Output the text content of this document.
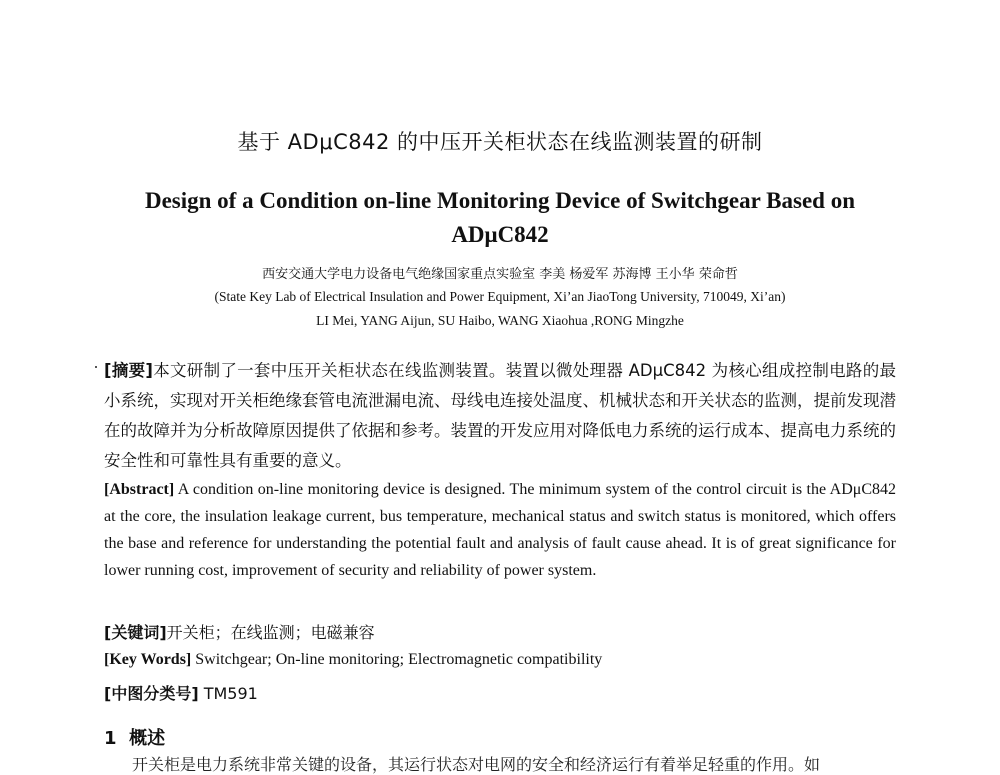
基于 ADμC842 的中压开关柜状态在线监测装置的研制
Design of a Condition on-line Monitoring Device of Switchgear Based on ADμC842
西安交通大学电力设备电气绝缘国家重点实验室 李美 杨爱军 苏海博 王小华 荣命哲
(State Key Lab of Electrical Insulation and Power Equipment, Xi’an JiaoTong University, 710049, Xi’an)
LI Mei, YANG Aijun, SU Haibo, WANG Xiaohua ,RONG Mingzhe
[摘要]本文研制了一套中压开关柜状态在线监测装置。装置以微处理器 ADμC842 为核心组成控制电路的最小系统，实现对开关柜绝缘套管电流泄漏电流、母线电连接处温度、机械状态和开关状态的监测，提前发现潜在的故障并为分析故障原因提供了依据和参考。装置的开发应用对降低电力系统的运行成本、提高电力系统的安全性和可靠性具有重要的意义。
[Abstract] A condition on-line monitoring device is designed. The minimum system of the control circuit is the ADμC842 at the core, the insulation leakage current, bus temperature, mechanical status and switch status is monitored, which offers the base and reference for understanding the potential fault and analysis of fault cause ahead. It is of great significance for lower running cost, improvement of security and reliability of power system.
[关键词]开关柜；在线监测；电磁兼容
[Key Words] Switchgear; On-line monitoring; Electromagnetic compatibility
[中图分类号] TM591
1 概述
开关柜是电力系统非常关键的设备，其运行状态对电网的安全和经济运行有着举足轻重的作用。如
